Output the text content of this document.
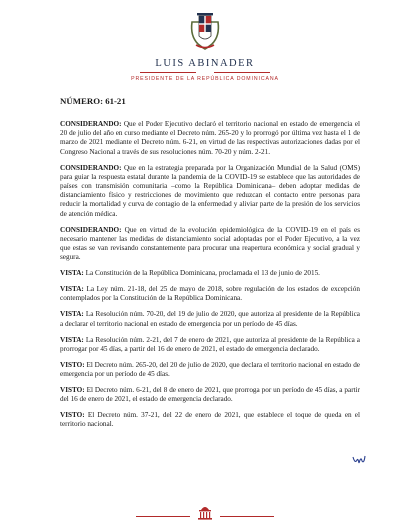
LUIS ABINADER
PRESIDENTE DE LA REPÚBLICA DOMINICANA
NÚMERO: 61-21

CONSIDERANDO: Que el Poder Ejecutivo declaró el territorio nacional en estado de emergencia el 20 de julio del año en curso mediante el Decreto núm. 265-20 y lo prorrogó por última vez hasta el 1 de marzo de 2021 mediante el Decreto núm. 6-21, en virtud de las respectivas autorizaciones dadas por el Congreso Nacional a través de sus resoluciones núm. 70-20 y núm. 2-21.

CONSIDERANDO: Que en la estrategia preparada por la Organización Mundial de la Salud (OMS) para guiar la respuesta estatal durante la pandemia de la COVID-19 se establece que las autoridades de países con transmisión comunitaria –como la República Dominicana– deben adoptar medidas de distanciamiento físico y restricciones de movimiento que reduzcan el contacto entre personas para reducir la mortalidad y curva de contagio de la enfermedad y aliviar parte de la presión de los servicios de atención médica.

CONSIDERANDO: Que en virtud de la evolución epidemiológica de la COVID-19 en el país es necesario mantener las medidas de distanciamiento social adoptadas por el Poder Ejecutivo, a la vez que estas se van revisando constantemente para procurar una reapertura económica y social gradual y segura.

VISTA: La Constitución de la República Dominicana, proclamada el 13 de junio de 2015.

VISTA: La Ley núm. 21-18, del 25 de mayo de 2018, sobre regulación de los estados de excepción contemplados por la Constitución de la República Dominicana.

VISTA: La Resolución núm. 70-20, del 19 de julio de 2020, que autoriza al presidente de la República a declarar el territorio nacional en estado de emergencia por un período de 45 días.

VISTA: La Resolución núm. 2-21, del 7 de enero de 2021, que autoriza al presidente de la República a prorrogar por 45 días, a partir del 16 de enero de 2021, el estado de emergencia declarado.

VISTO: El Decreto núm. 265-20, del 20 de julio de 2020, que declara el territorio nacional en estado de emergencia por un período de 45 días.

VISTO: El Decreto núm. 6-21, del 8 de enero de 2021, que prorroga por un período de 45 días, a partir del 16 de enero de 2021, el estado de emergencia declarado.

VISTO: El Decreto núm. 37-21, del 22 de enero de 2021, que establece el toque de queda en el territorio nacional.
